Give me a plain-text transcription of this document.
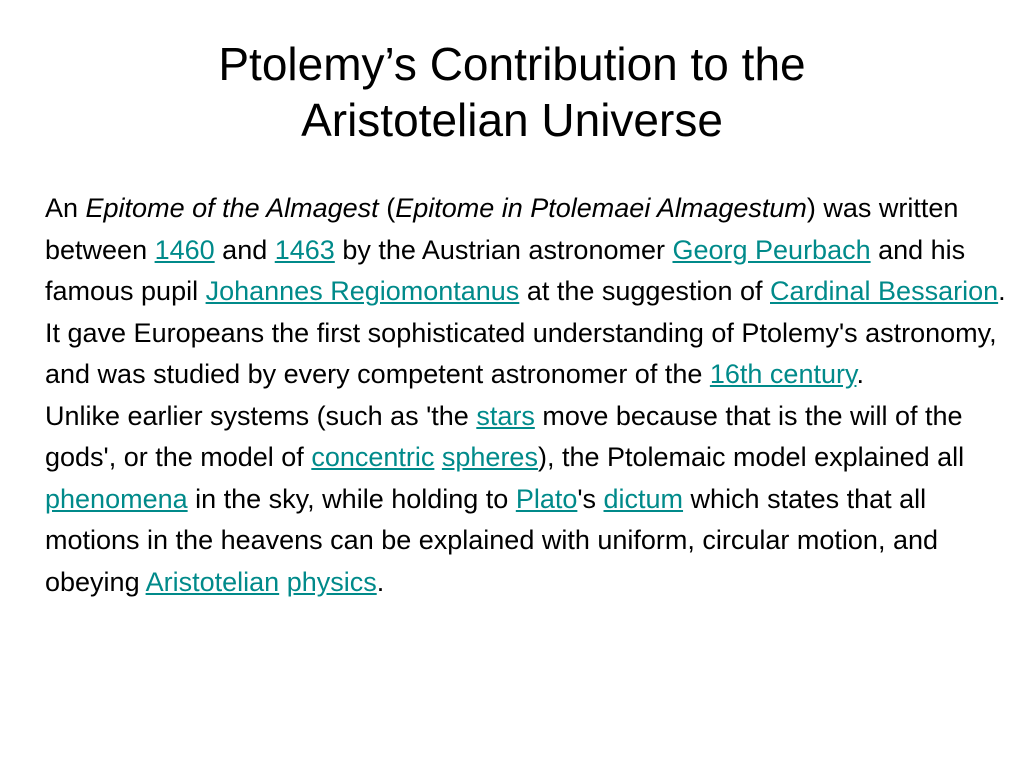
Ptolemy’s Contribution to the
Aristotelian Universe

An Epitome of the Almagest (Epitome in Ptolemaei Almagestum) was written between 1460 and 1463 by the Austrian astronomer Georg Peurbach and his famous pupil Johannes Regiomontanus at the suggestion of Cardinal Bessarion. It gave Europeans the first sophisticated understanding of Ptolemy's astronomy, and was studied by every competent astronomer of the 16th century.

Unlike earlier systems (such as 'the stars move because that is the will of the gods', or the model of concentric spheres), the Ptolemaic model explained all phenomena in the sky, while holding to Plato's dictum which states that all motions in the heavens can be explained with uniform, circular motion, and obeying Aristotelian physics.
